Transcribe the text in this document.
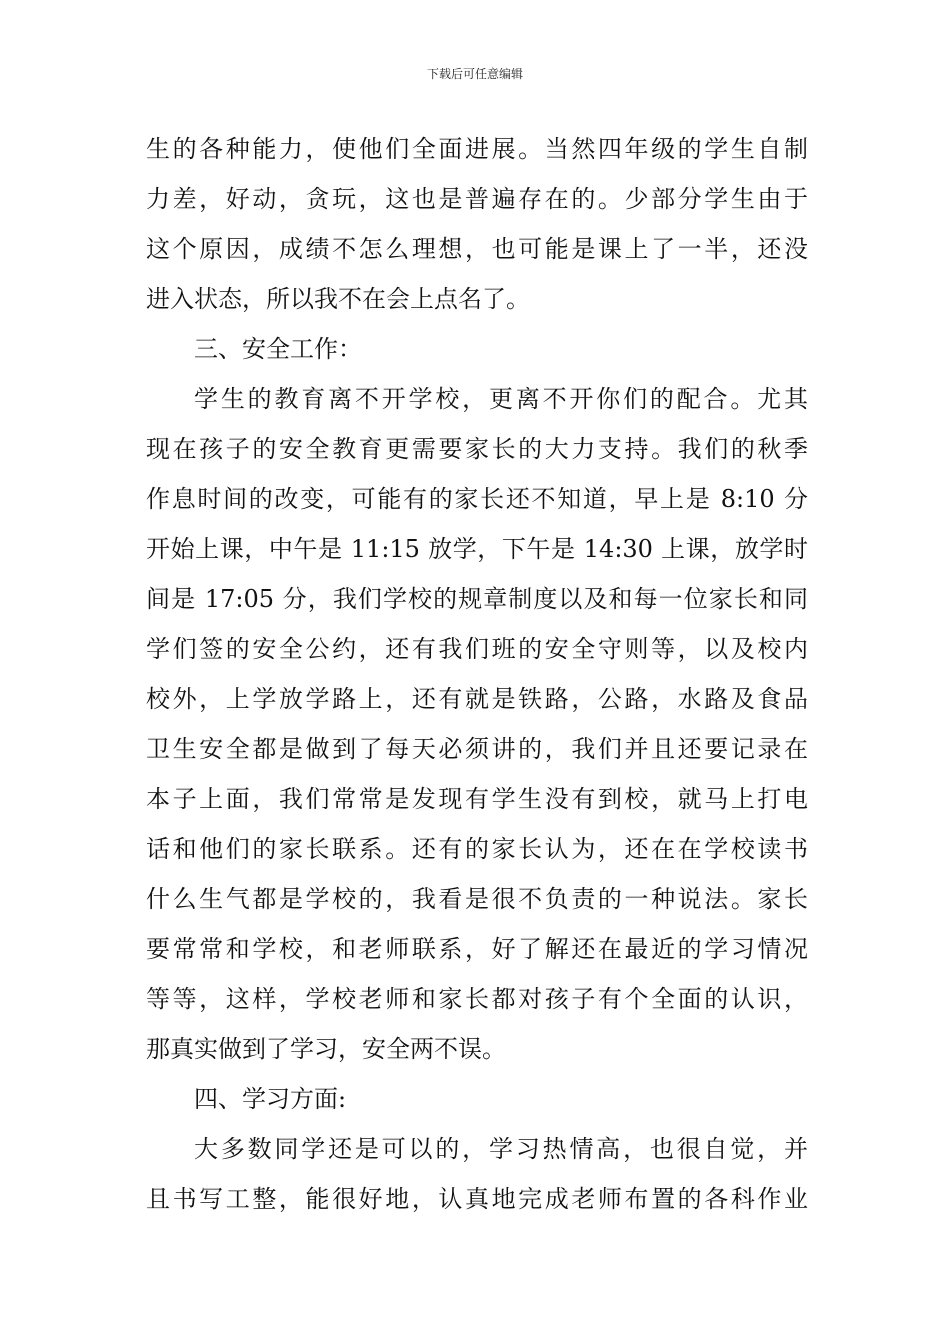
下载后可任意编辑
生的各种能力，使他们全面进展。当然四年级的学生自制
力差，好动，贪玩，这也是普遍存在的。少部分学生由于
这个原因，成绩不怎么理想，也可能是课上了一半，还没
进入状态，所以我不在会上点名了。
三、安全工作：
学生的教育离不开学校，更离不开你们的配合。尤其
现在孩子的安全教育更需要家长的大力支持。我们的秋季
作息时间的改变，可能有的家长还不知道，早上是 8:10 分
开始上课，中午是 11:15 放学，下午是 14:30 上课，放学时
间是 17:05 分，我们学校的规章制度以及和每一位家长和同
学们签的安全公约，还有我们班的安全守则等，以及校内
校外，上学放学路上，还有就是铁路，公路，水路及食品
卫生安全都是做到了每天必须讲的，我们并且还要记录在
本子上面，我们常常是发现有学生没有到校，就马上打电
话和他们的家长联系。还有的家长认为，还在在学校读书
什么生气都是学校的，我看是很不负责的一种说法。家长
要常常和学校，和老师联系，好了解还在最近的学习情况
等等，这样，学校老师和家长都对孩子有个全面的认识，
那真实做到了学习，安全两不误。
四、学习方面:
大多数同学还是可以的，学习热情高，也很自觉，并
且书写工整，能很好地，认真地完成老师布置的各科作业
